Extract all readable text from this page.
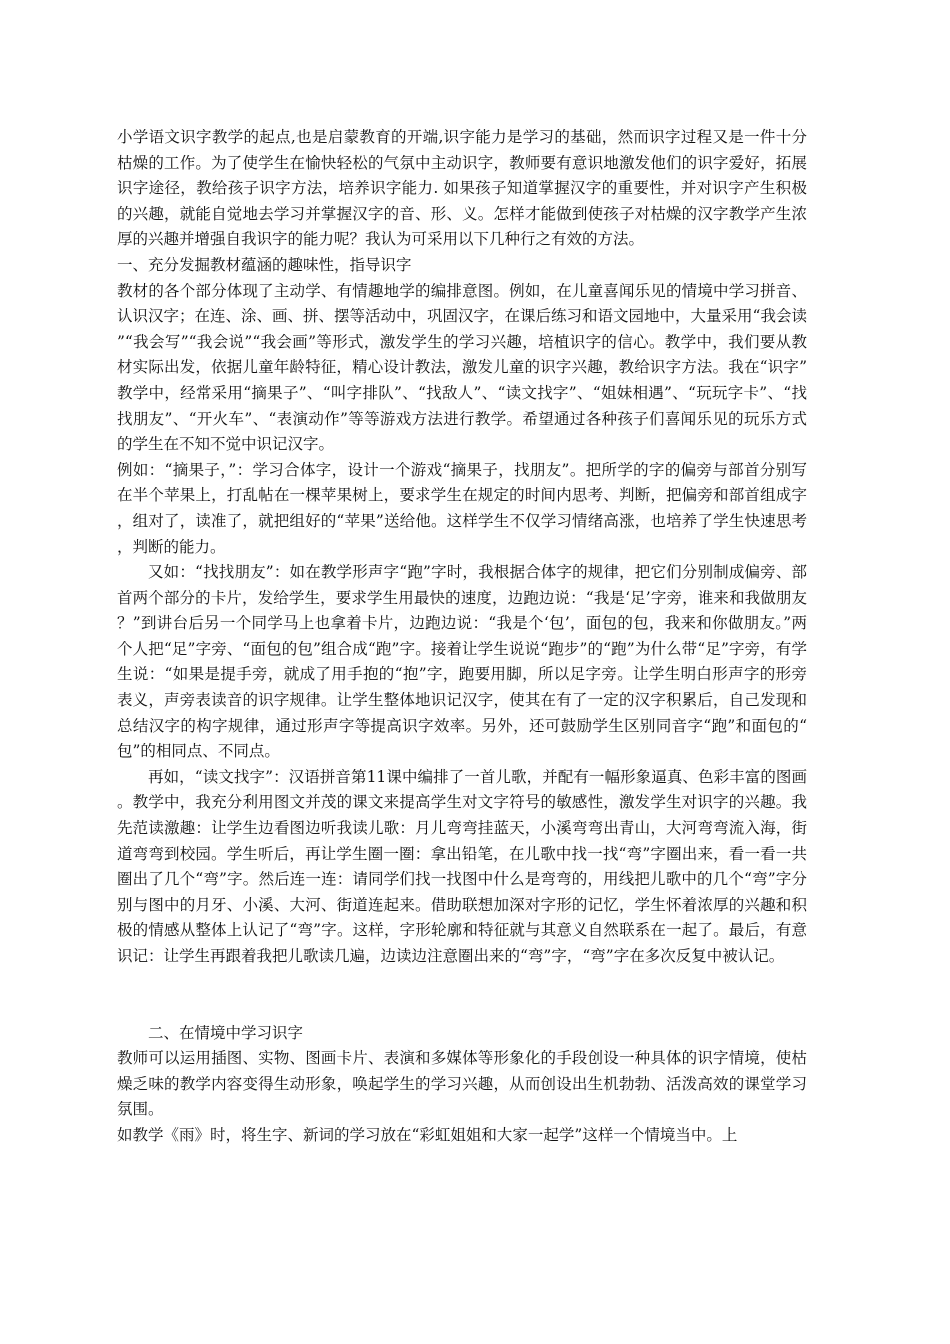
小学语文识字教学的起点,也是启蒙教育的开端,识字能力是学习的基础，然而识字过程又是一件十分枯燥的工作。为了使学生在愉快轻松的气氛中主动识字，教师要有意识地激发他们的识字爱好，拓展识字途径，教给孩子识字方法，培养识字能力. 如果孩子知道掌握汉字的重要性，并对识字产生积极的兴趣，就能自觉地去学习并掌握汉字的音、形、义。怎样才能做到使孩子对枯燥的汉字教学产生浓厚的兴趣并增强自我识字的能力呢？我认为可采用以下几种行之有效的方法。

一、充分发掘教材蕴涵的趣味性，指导识字

教材的各个部分体现了主动学、有情趣地学的编排意图。例如，在儿童喜闻乐见的情境中学习拼音、认识汉字；在连、涂、画、拼、摆等活动中，巩固汉字，在课后练习和语文园地中，大量采用“我会读”“我会写”“我会说”“我会画”等形式，激发学生的学习兴趣，培植识字的信心。教学中，我们要从教材实际出发，依据儿童年龄特征，精心设计教法，激发儿童的识字兴趣，教给识字方法。我在“识字”教学中，经常采用“摘果子”、“叫字排队”、“找敌人”、“读文找字”、“姐妹相遇”、“玩玩字卡”、“找找朋友”、“开火车”、“表演动作”等等游戏方法进行教学。希望通过各种孩子们喜闻乐见的玩乐方式的学生在不知不觉中识记汉字。

例如：“摘果子，”：学习合体字，设计一个游戏“摘果子，找朋友”。把所学的字的偏旁与部首分别写在半个苹果上，打乱帖在一棵苹果树上，要求学生在规定的时间内思考、判断，把偏旁和部首组成字，组对了，读准了，就把组好的“苹果”送给他。这样学生不仅学习情绪高涨，也培养了学生快速思考，判断的能力。

又如：“找找朋友”：如在教学形声字“跑”字时，我根据合体字的规律，把它们分别制成偏旁、部首两个部分的卡片，发给学生，要求学生用最快的速度，边跑边说：“我是‘足’字旁，谁来和我做朋友？”到讲台后另一个同学马上也拿着卡片，边跑边说：“我是个‘包’，面包的包，我来和你做朋友。”两个人把“足”字旁、“面包的包”组合成“跑”字。接着让学生说说“跑步”的“跑”为什么带“足”字旁，有学生说：“如果是提手旁，就成了用手抱的“抱”字，跑要用脚，所以足字旁。让学生明白形声字的形旁表义，声旁表读音的识字规律。让学生整体地识记汉字，使其在有了一定的汉字积累后，自己发现和总结汉字的构字规律，通过形声字等提高识字效率。另外，还可鼓励学生区别同音字“跑”和面包的“包”的相同点、不同点。

再如，“读文找字”：汉语拼音第11课中编排了一首儿歌，并配有一幅形象逼真、色彩丰富的图画。教学中，我充分利用图文并茂的课文来提高学生对文字符号的敏感性，激发学生对识字的兴趣。我先范读激趣：让学生边看图边听我读儿歌：月儿弯弯挂蓝天，小溪弯弯出青山，大河弯弯流入海，街道弯弯到校园。学生听后，再让学生圈一圈：拿出铅笔，在儿歌中找一找“弯”字圈出来，看一看一共圈出了几个“弯”字。然后连一连：请同学们找一找图中什么是弯弯的，用线把儿歌中的几个“弯”字分别与图中的月牙、小溪、大河、街道连起来。借助联想加深对字形的记忆，学生怀着浓厚的兴趣和积极的情感从整体上认记了“弯”字。这样，字形轮廓和特征就与其意义自然联系在一起了。最后，有意识记：让学生再跟着我把儿歌读几遍，边读边注意圈出来的“弯”字，“弯”字在多次反复中被认记。

二、在情境中学习识字

教师可以运用插图、实物、图画卡片、表演和多媒体等形象化的手段创设一种具体的识字情境，使枯燥乏味的教学内容变得生动形象，唤起学生的学习兴趣，从而创设出生机勃勃、活泼高效的课堂学习氛围。

如教学《雨》时，将生字、新词的学习放在“彩虹姐姐和大家一起学”这样一个情境当中。上
